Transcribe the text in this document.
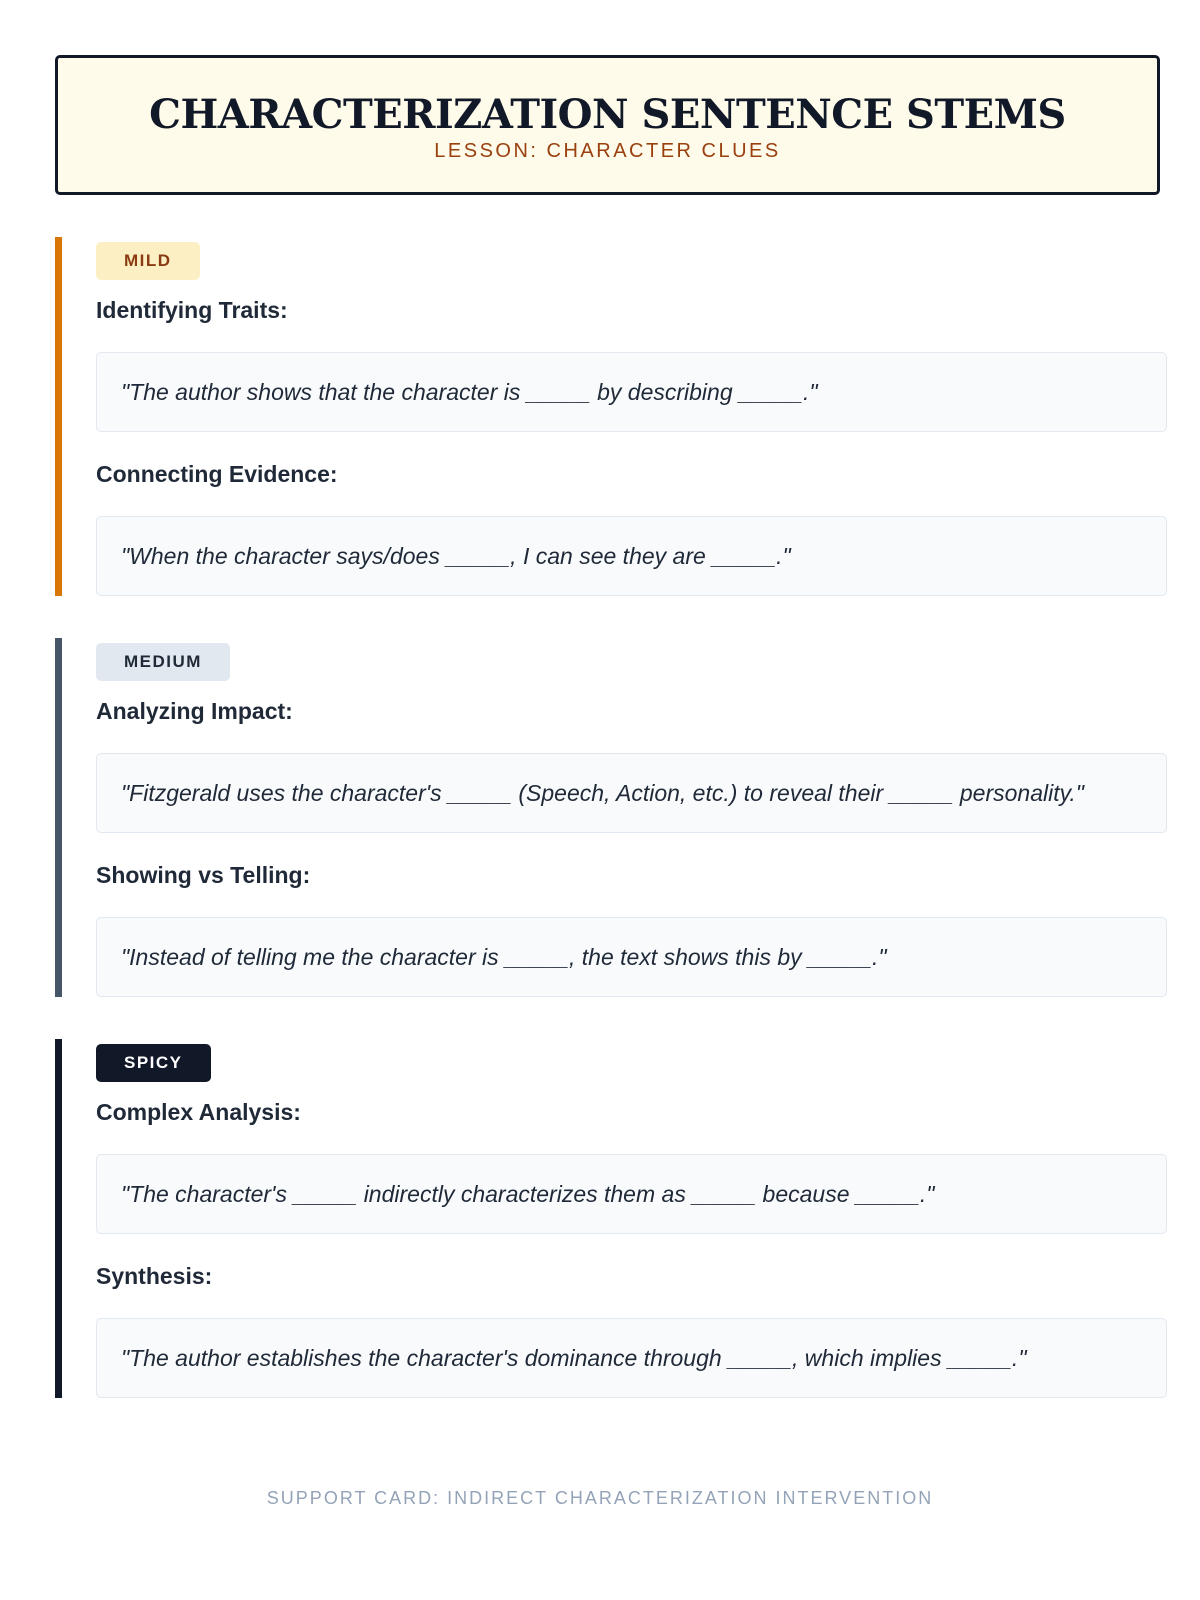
CHARACTERIZATION SENTENCE STEMS
LESSON: CHARACTER CLUES
MILD
Identifying Traits:
"The author shows that the character is _____ by describing _____."
Connecting Evidence:
"When the character says/does _____, I can see they are _____."
MEDIUM
Analyzing Impact:
"Fitzgerald uses the character's _____ (Speech, Action, etc.) to reveal their _____ personality."
Showing vs Telling:
"Instead of telling me the character is _____, the text shows this by _____."
SPICY
Complex Analysis:
"The character's _____ indirectly characterizes them as _____ because _____."
Synthesis:
"The author establishes the character's dominance through _____, which implies _____."
SUPPORT CARD: INDIRECT CHARACTERIZATION INTERVENTION
